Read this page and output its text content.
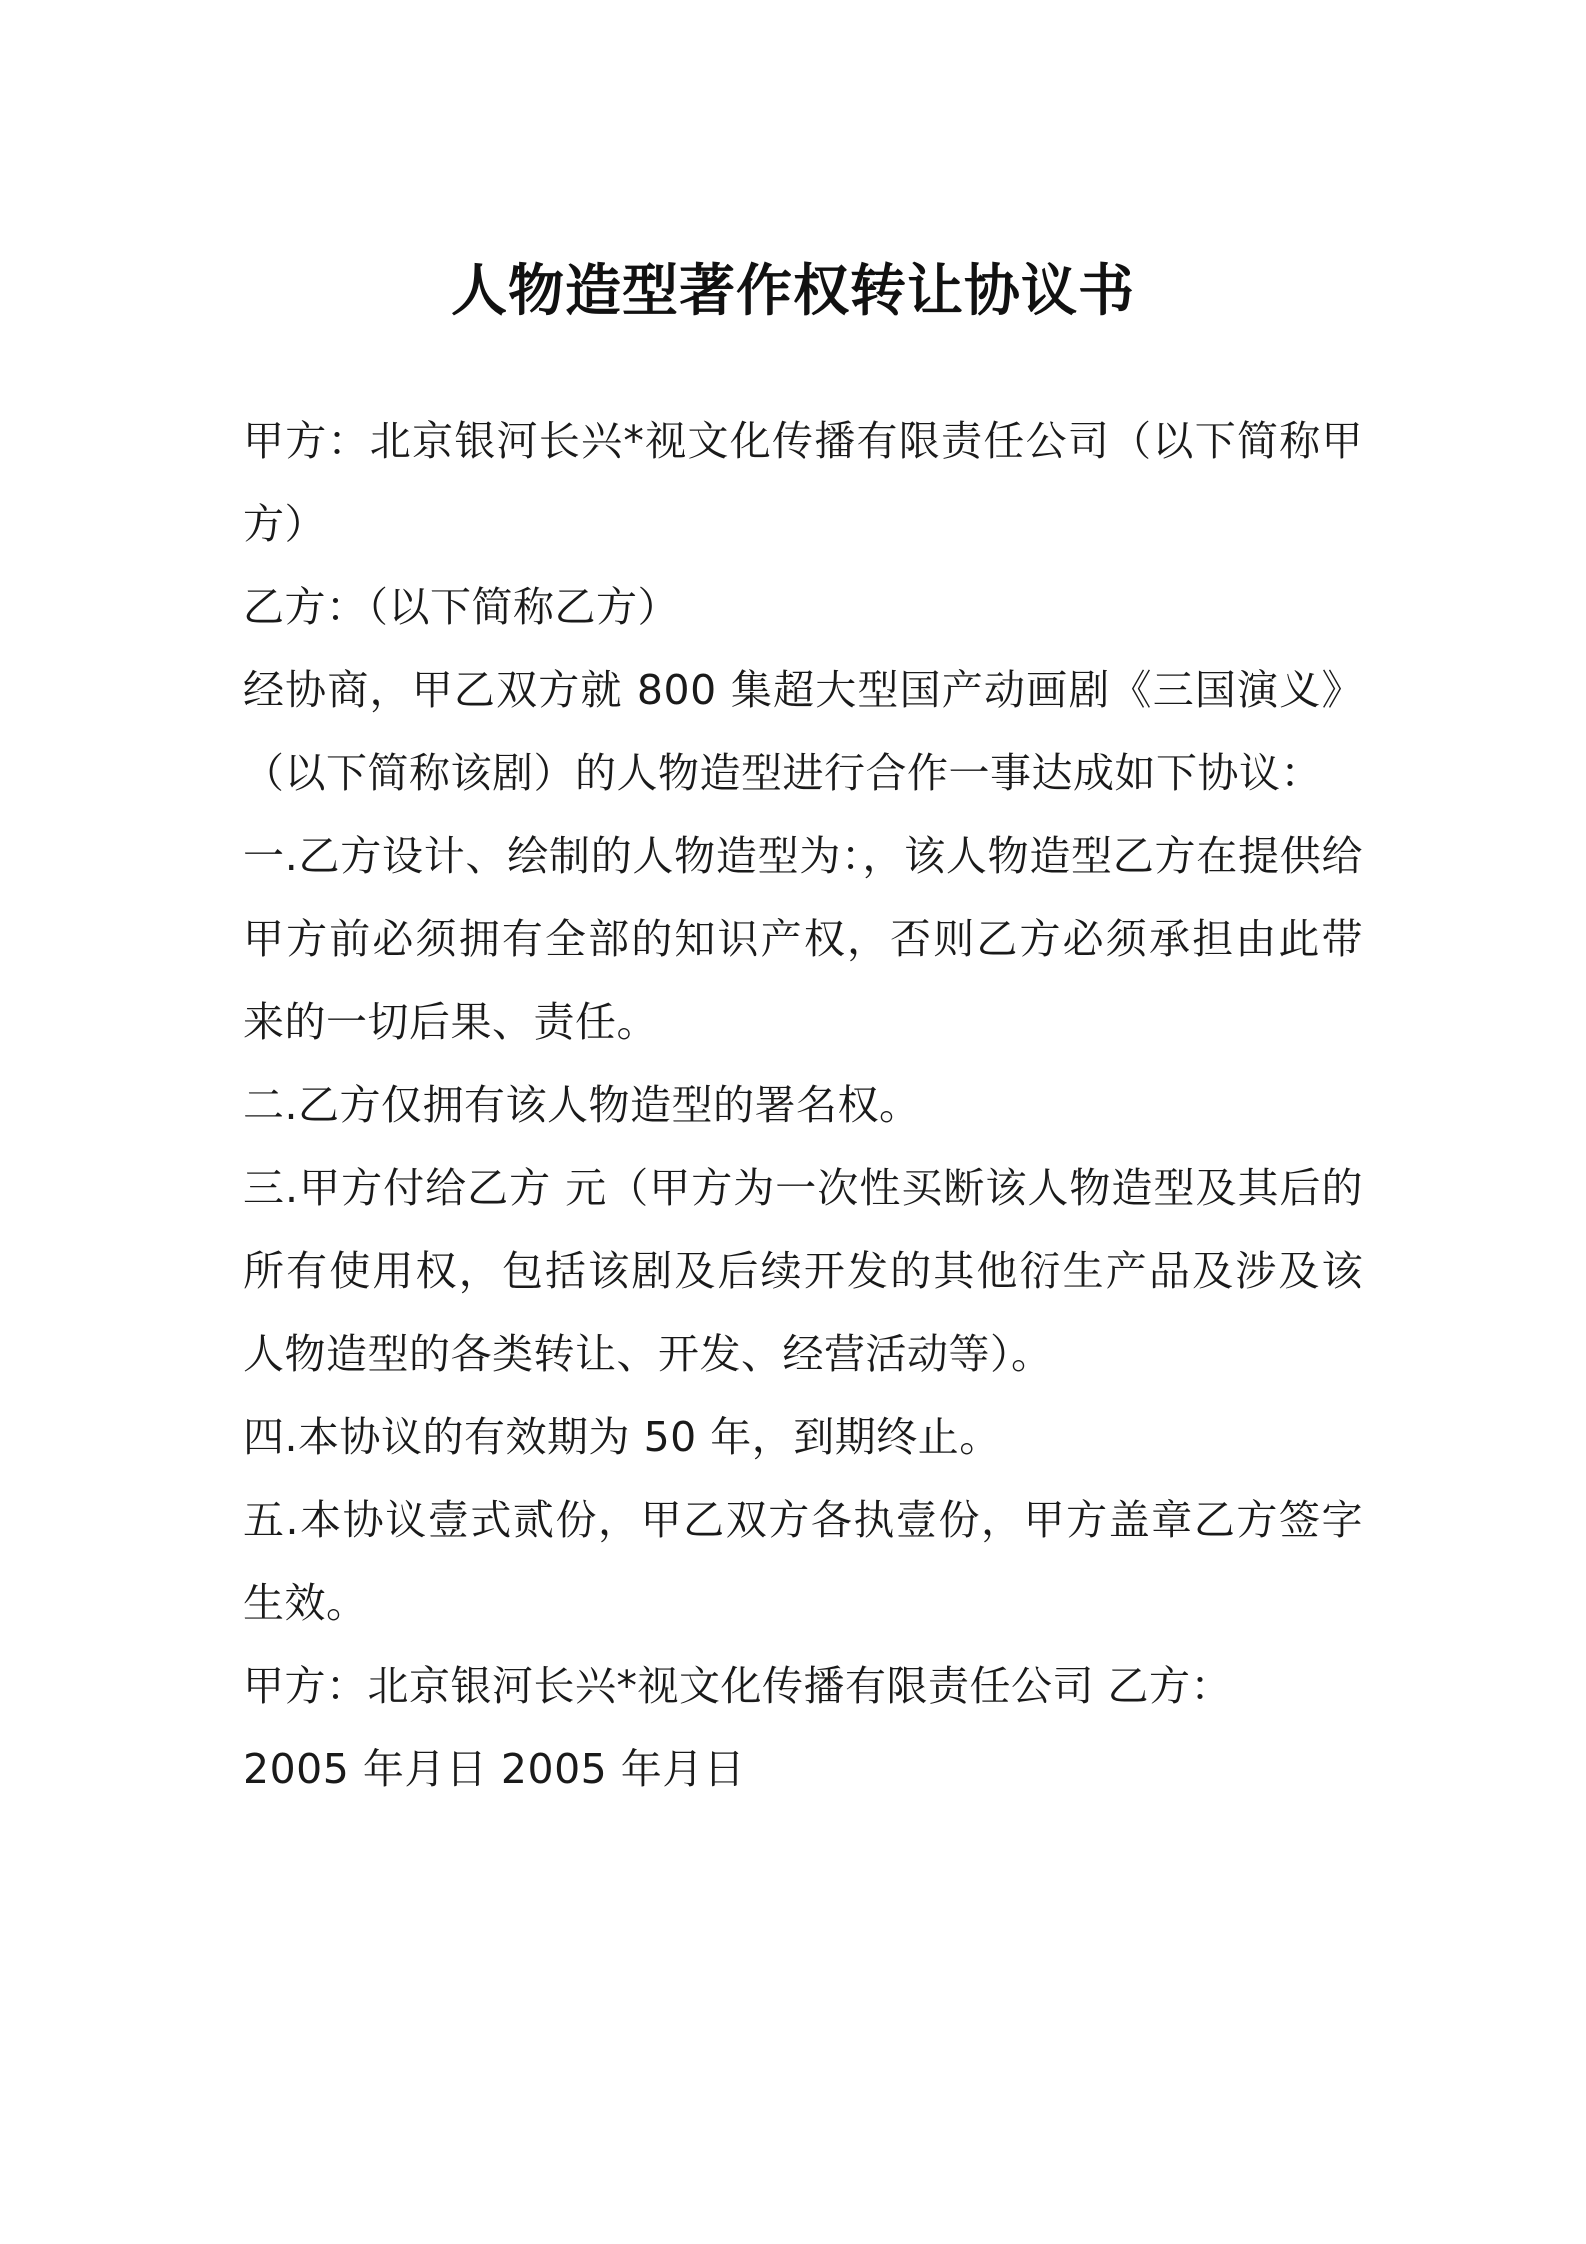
人物造型著作权转让协议书

甲方：北京银河长兴*视文化传播有限责任公司（以下简称甲方）

乙方：（以下简称乙方）

经协商，甲乙双方就 800 集超大型国产动画剧《三国演义》（以下简称该剧）的人物造型进行合作一事达成如下协议：

一.乙方设计、绘制的人物造型为：，该人物造型乙方在提供给甲方前必须拥有全部的知识产权，否则乙方必须承担由此带来的一切后果、责任。

二.乙方仅拥有该人物造型的署名权。

三.甲方付给乙方 元（甲方为一次性买断该人物造型及其后的所有使用权，包括该剧及后续开发的其他衍生产品及涉及该人物造型的各类转让、开发、经营活动等）。

四.本协议的有效期为 50 年，到期终止。

五.本协议壹式贰份，甲乙双方各执壹份，甲方盖章乙方签字生效。

甲方：北京银河长兴*视文化传播有限责任公司 乙方：

2005 年月日 2005 年月日
